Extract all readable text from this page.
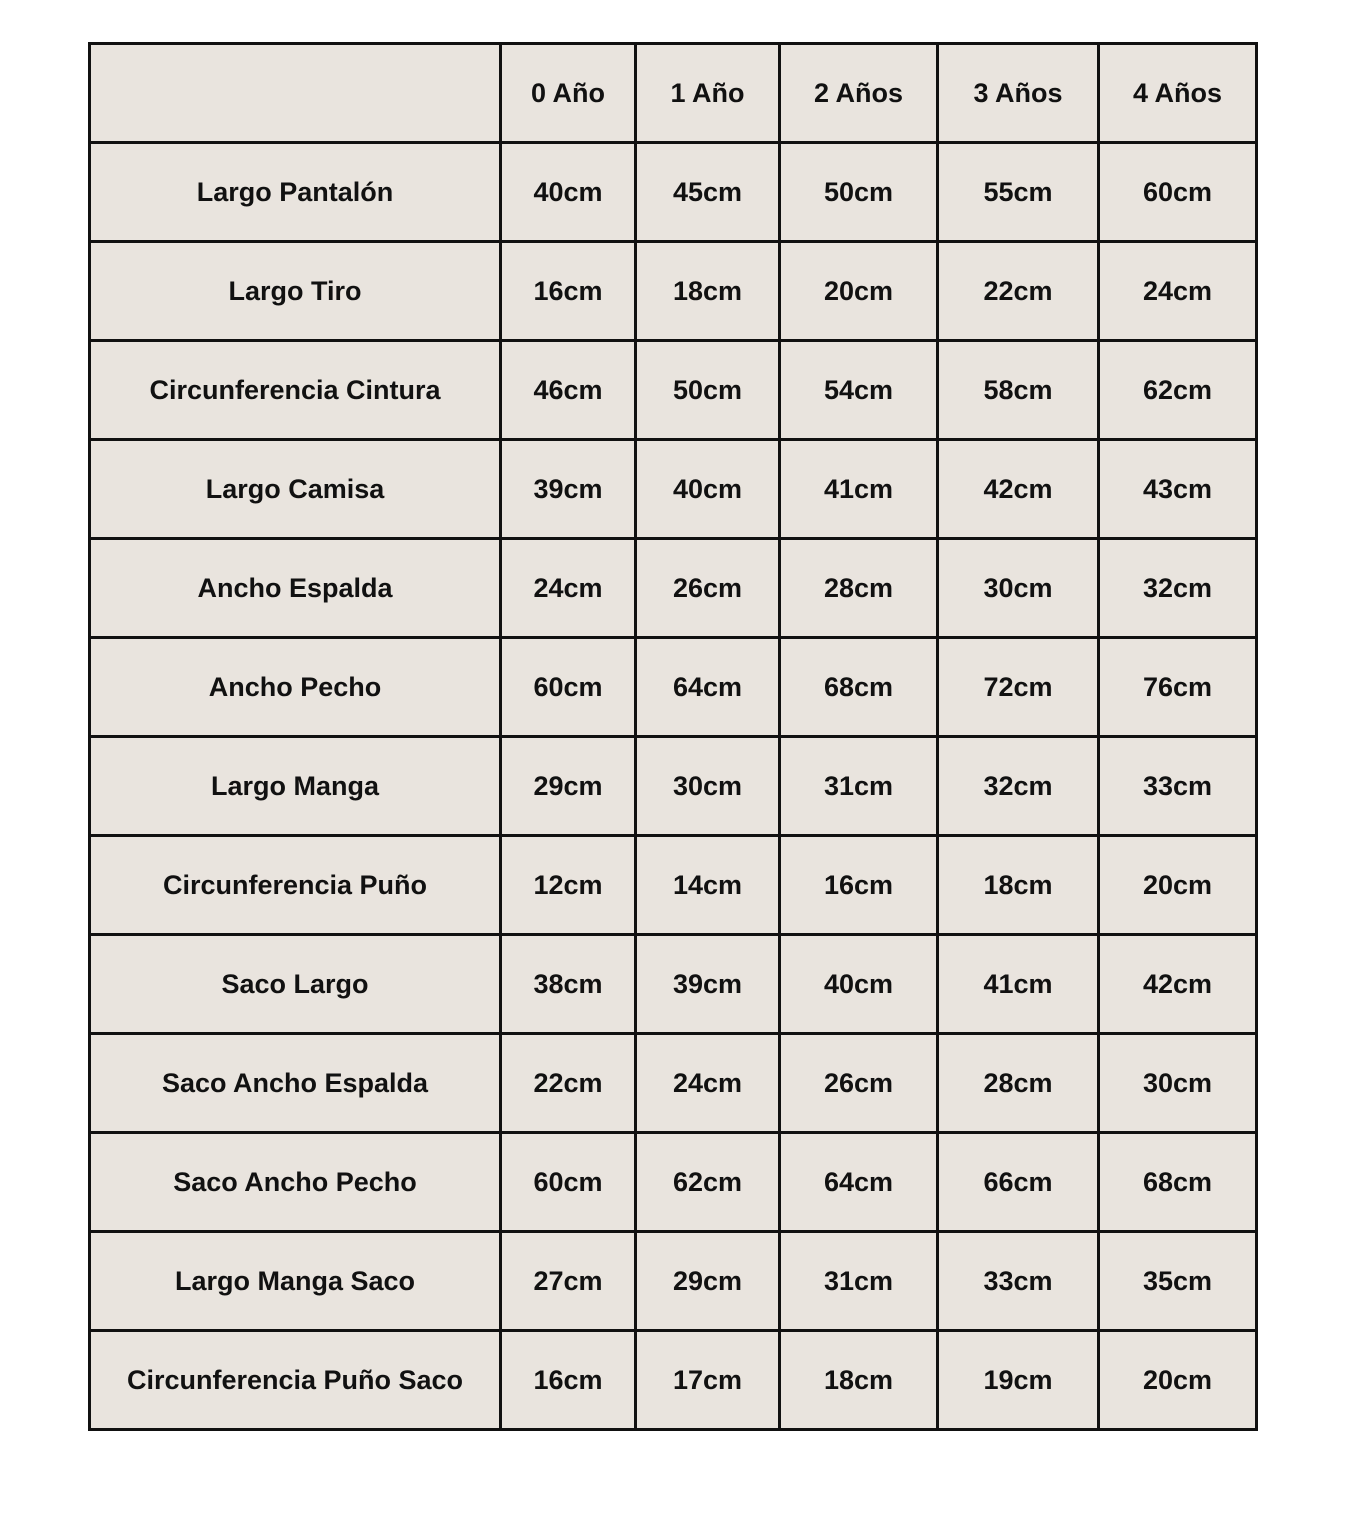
	0 Año	1 Año	2 Años	3 Años	4 Años
Largo Pantalón	40cm	45cm	50cm	55cm	60cm
Largo Tiro	16cm	18cm	20cm	22cm	24cm
Circunferencia Cintura	46cm	50cm	54cm	58cm	62cm
Largo Camisa	39cm	40cm	41cm	42cm	43cm
Ancho Espalda	24cm	26cm	28cm	30cm	32cm
Ancho Pecho	60cm	64cm	68cm	72cm	76cm
Largo Manga	29cm	30cm	31cm	32cm	33cm
Circunferencia Puño	12cm	14cm	16cm	18cm	20cm
Saco Largo	38cm	39cm	40cm	41cm	42cm
Saco Ancho Espalda	22cm	24cm	26cm	28cm	30cm
Saco Ancho Pecho	60cm	62cm	64cm	66cm	68cm
Largo Manga Saco	27cm	29cm	31cm	33cm	35cm
Circunferencia Puño Saco	16cm	17cm	18cm	19cm	20cm
